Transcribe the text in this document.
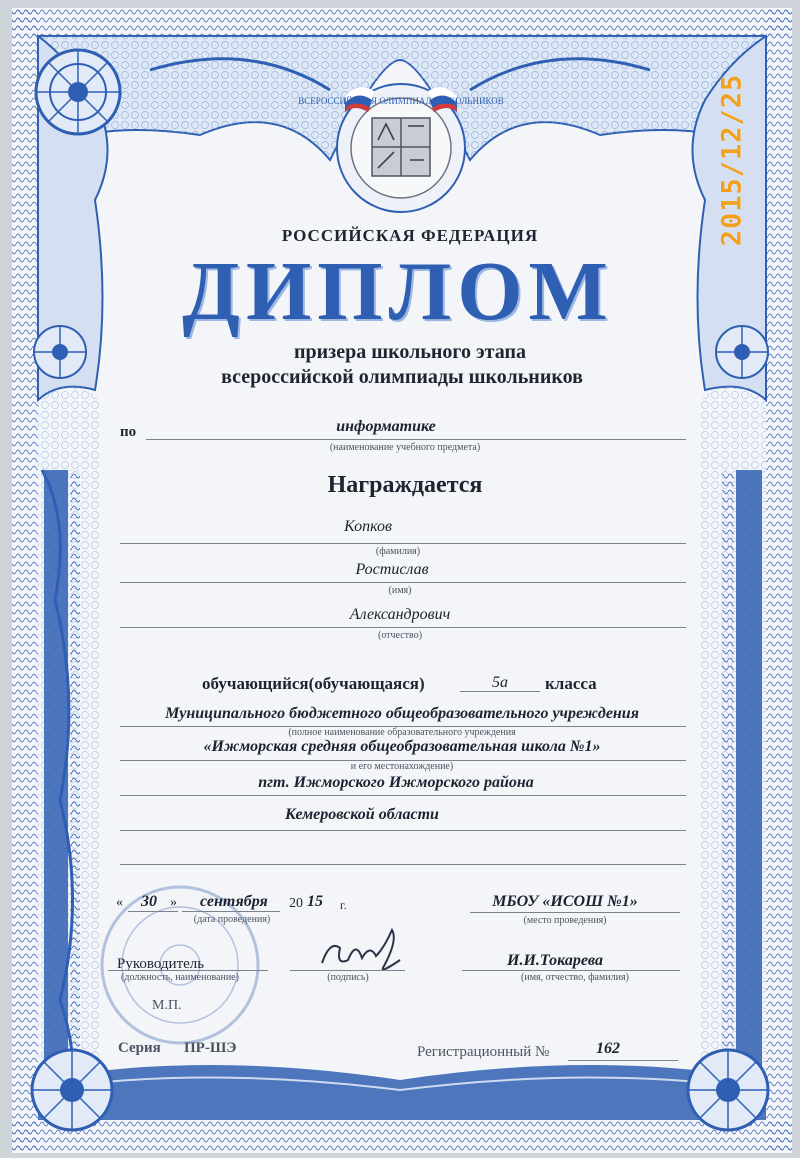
ВСЕРОССИЙСКАЯ ОЛИМПИАДА ШКОЛЬНИКОВ	2015/12/25
РОССИЙСКАЯ ФЕДЕРАЦИЯ
ДИПЛОМ
призера школьного этапа
всероссийской олимпиады школьников
по	информатике
(наименование учебного предмета)
Награждается
Копков
(фамилия)
Ростислав
(имя)
Александрович
(отчество)
обучающийся(обучающаяся)	5а класса
Муниципального бюджетного общеобразовательного учреждения
(полное наименование образовательного учреждения
«Ижморская средняя общеобразовательная школа №1»
и его местонахождение)
пгт. Ижморского Ижморского района
Кемеровской области
« 30 » сентября 20 15 г.
(дата проведения)
МБОУ «ИСОШ №1»
(место проведения)
Руководитель
(должность, наименование)	(подпись)
И.И.Токарева
(имя, отчество, фамилия)
М.П.
Серия ПР-ШЭ	Регистрационный №	162
